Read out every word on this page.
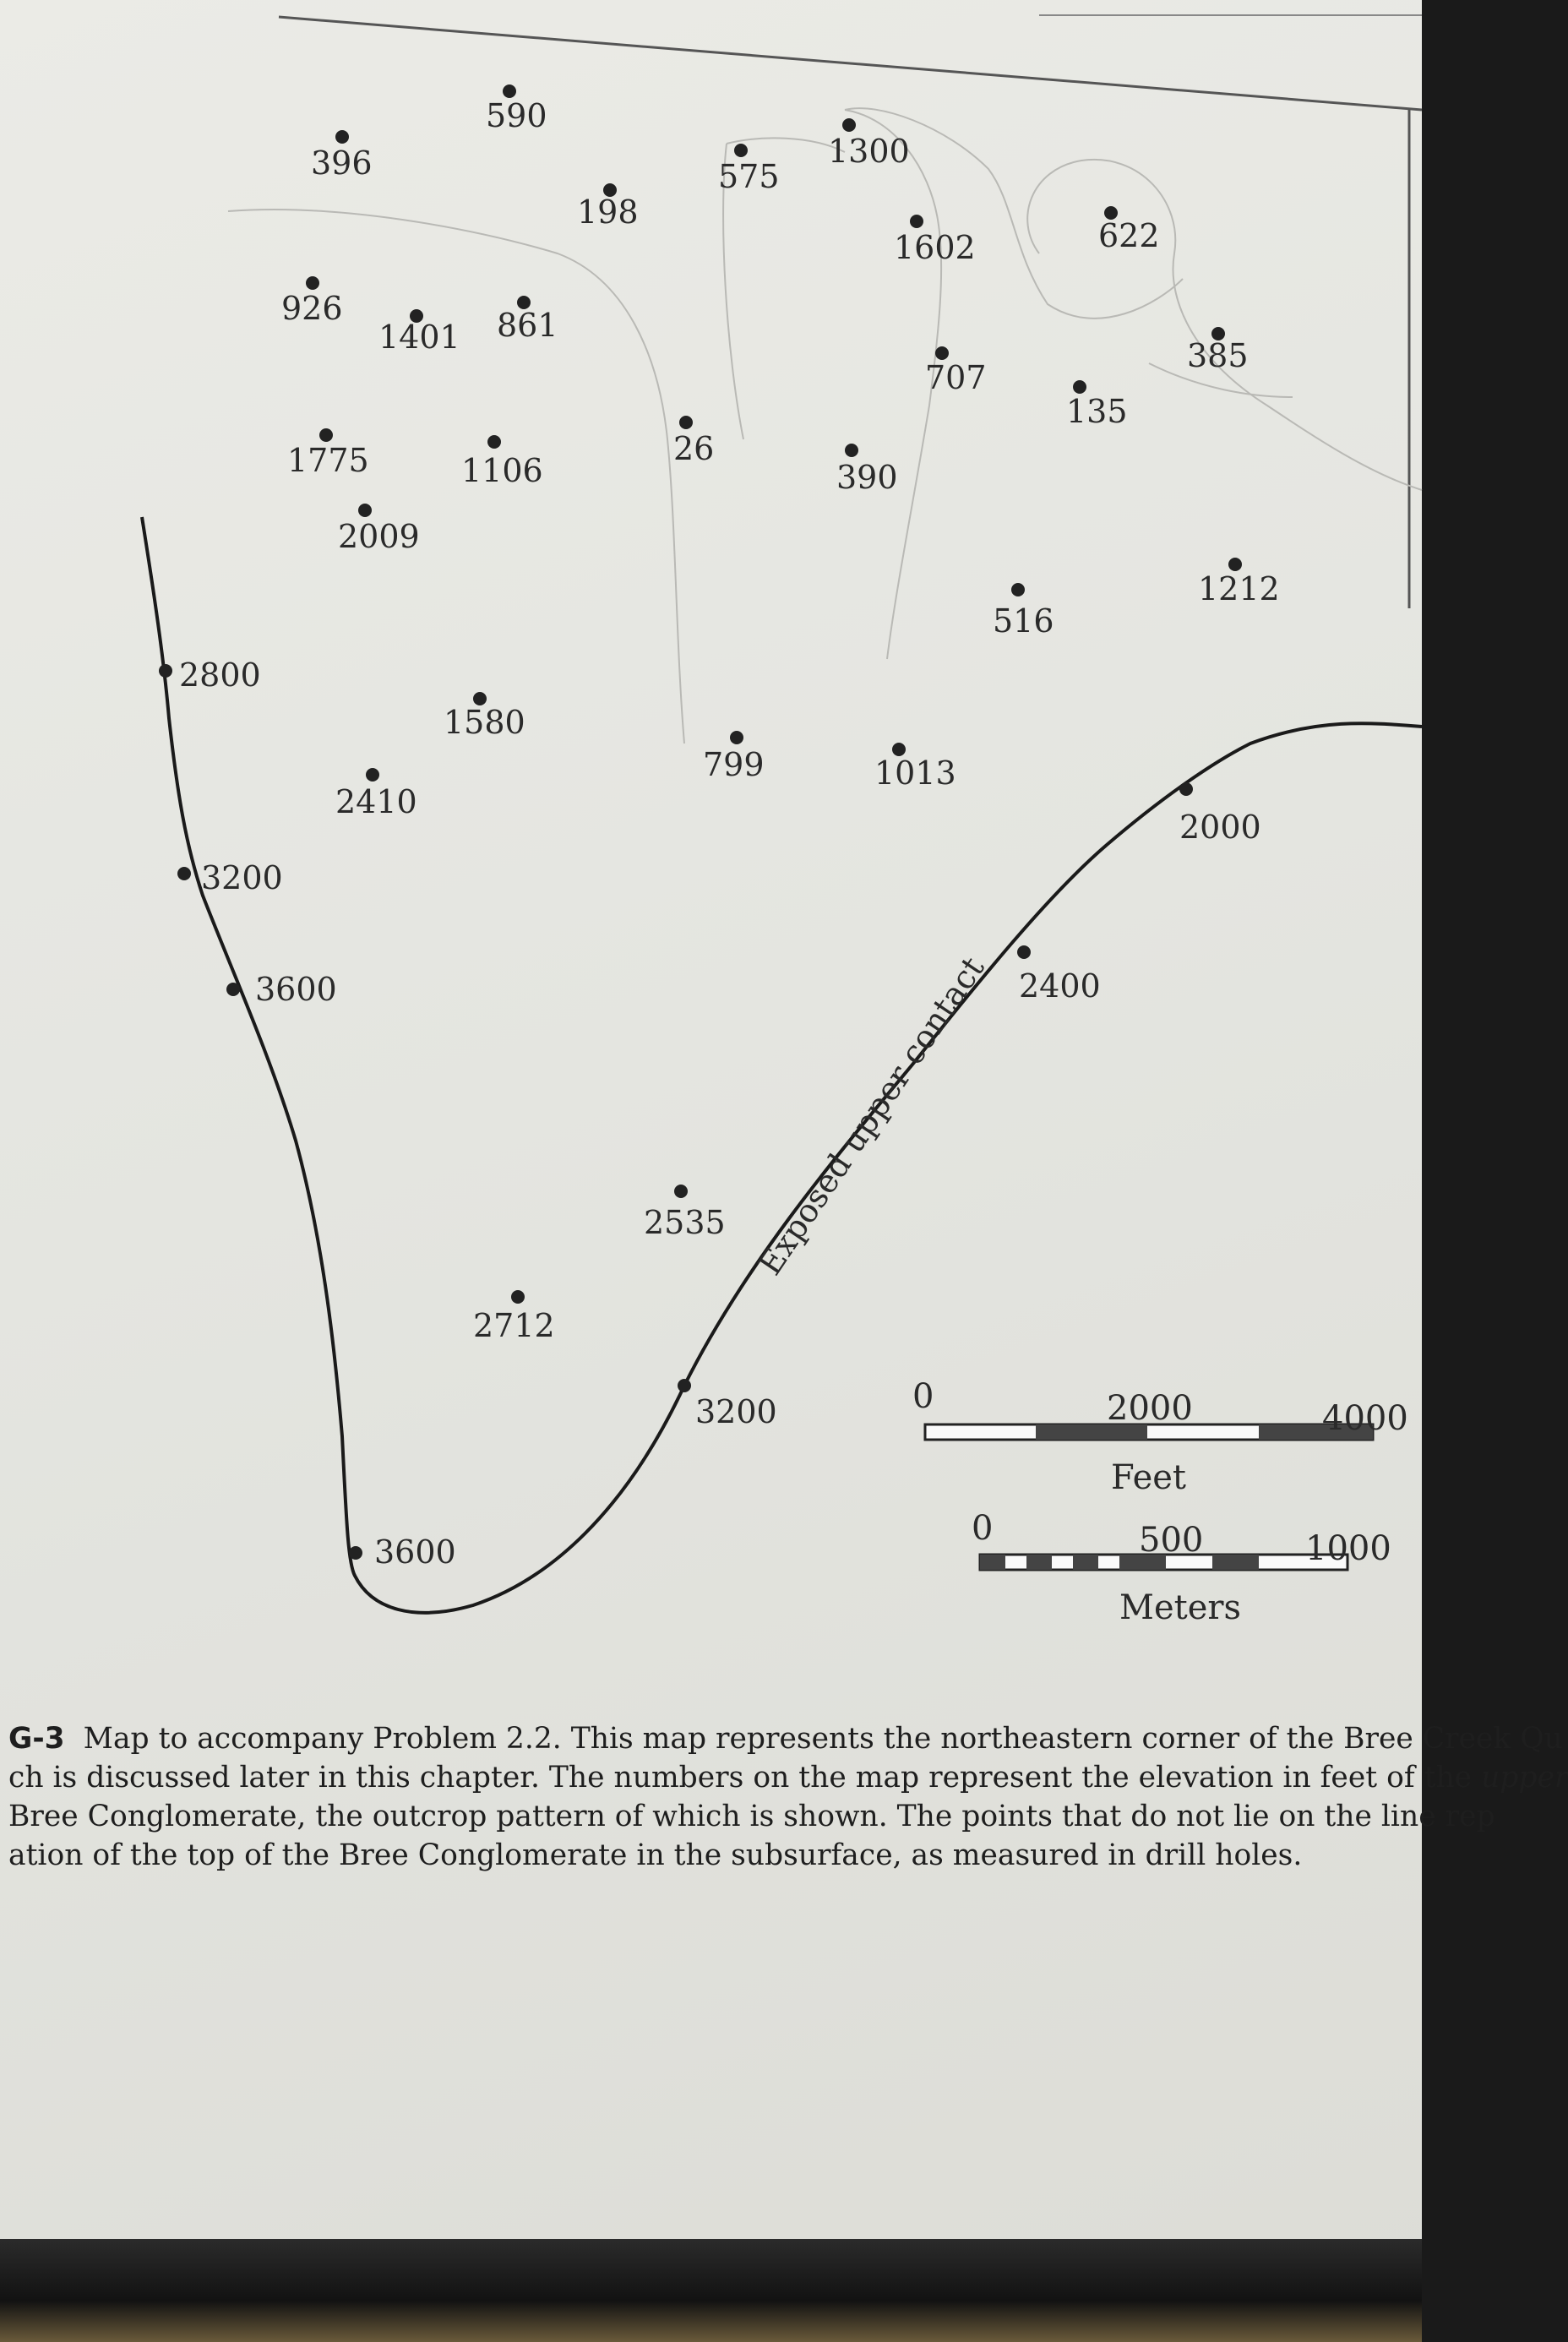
Exposed upper contact
590
396
198
575
1300
1602	622
926
1401 861
707
385
135
1775	1106
26
390
2009
516
1212
1580
799	1013
2410
2535
2712
2800
3200
3600
3600
3200
2400
2000
0	2000	4000
Feet
0	500	1000
Meters
G-3 Map to accompany Problem 2.2. This map represents the northeastern corner of the Bree Creek Qu
ch is discussed later in this chapter. The numbers on the map represent the elevation in feet of the upper
Bree Conglomerate, the outcrop pattern of which is shown. The points that do not lie on the line rep
ation of the top of the Bree Conglomerate in the subsurface, as measured in drill holes.
